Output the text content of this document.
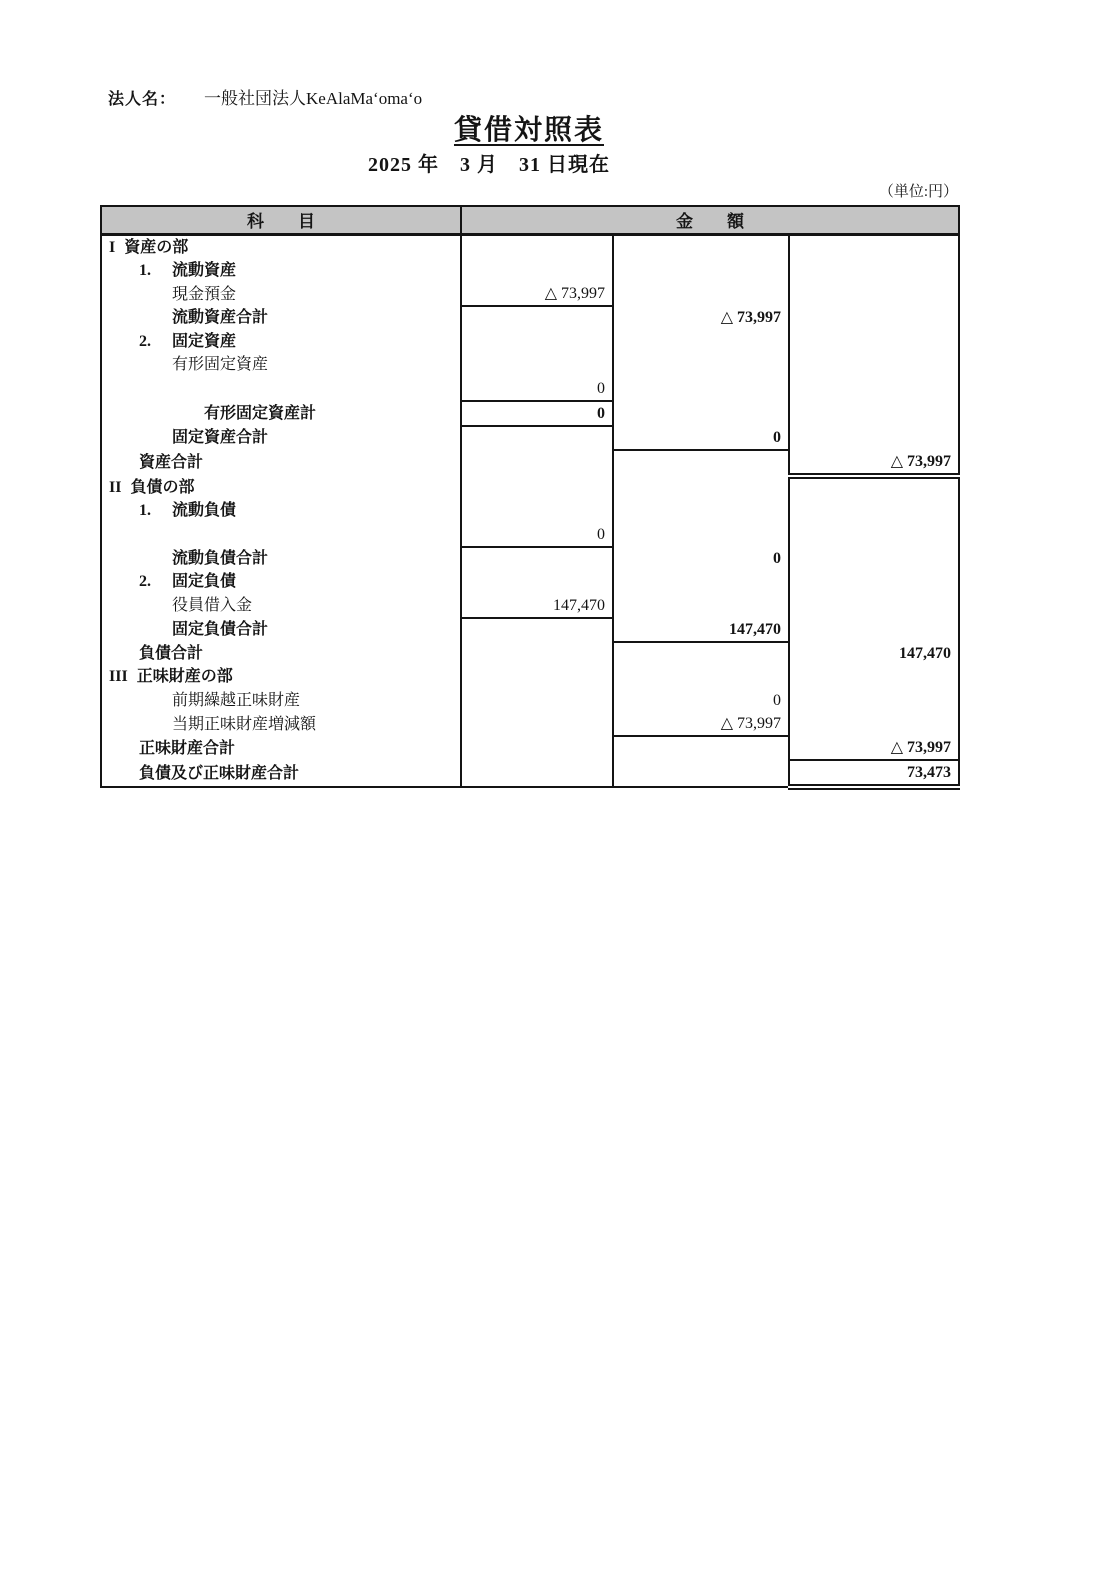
法人名： 一般社団法人KeAlaMaʻomaʻo
貸借対照表
2025 年　3 月　31 日現在
（単位:円）
科　　目	金　　額		
I 資産の部			
1. 流動資産			
現金預金	△ 73,997		
流動資産合計		△ 73,997	
2. 固定資産			
有形固定資産			
	0		
有形固定資産計	0		
固定資産合計		0	
資産合計			△ 73,997
II 負債の部			
1. 流動負債			
	0		
流動負債合計		0	
2. 固定負債			
役員借入金	147,470		
固定負債合計		147,470	
負債合計			147,470
III 正味財産の部			
前期繰越正味財産		0	
当期正味財産増減額		△ 73,997	
正味財産合計			△ 73,997
負債及び正味財産合計			73,473
